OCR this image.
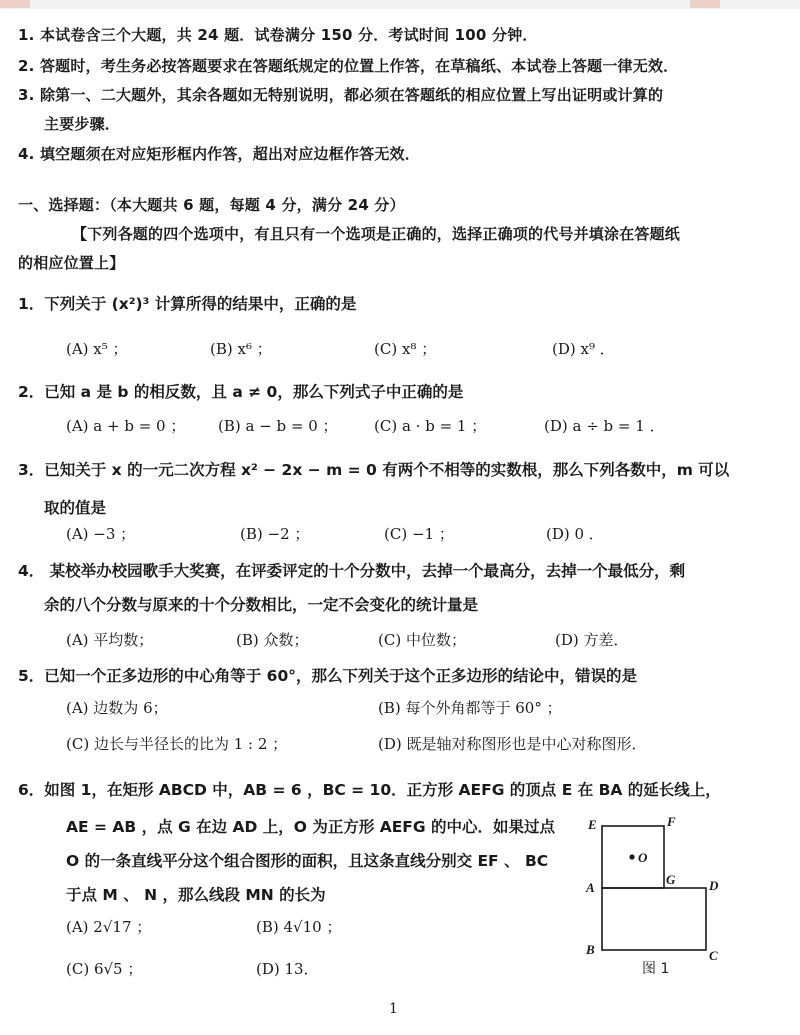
1. 本试卷含三个大题，共 24 题．试卷满分 150 分．考试时间 100 分钟．
2. 答题时，考生务必按答题要求在答题纸规定的位置上作答，在草稿纸、本试卷上答题一律无效．
3. 除第一、二大题外，其余各题如无特别说明，都必须在答题纸的相应位置上写出证明或计算的
主要步骤．
4. 填空题须在对应矩形框内作答，超出对应边框作答无效．
一、选择题：（本大题共 6 题，每题 4 分，满分 24 分）
【下列各题的四个选项中，有且只有一个选项是正确的，选择正确项的代号并填涂在答题纸
的相应位置上】
1．下列关于 (x²)³ 计算所得的结果中，正确的是
(A) x⁵ ；	(B) x⁶ ；	(C) x⁸ ；	(D) x⁹ ．
2．已知 a 是 b 的相反数，且 a ≠ 0，那么下列式子中正确的是
(A) a + b = 0 ； (B) a − b = 0 ； (C) a · b = 1 ；	(D) a ÷ b = 1 ．
3．已知关于 x 的一元二次方程 x² − 2x − m = 0 有两个不相等的实数根，那么下列各数中，m 可以
取的值是
(A) −3 ；	(B) −2 ；	(C) −1 ；	(D) 0 ．
4． 某校举办校园歌手大奖赛，在评委评定的十个分数中，去掉一个最高分，去掉一个最低分，剩
余的八个分数与原来的十个分数相比，一定不会变化的统计量是
(A) 平均数；	(B) 众数；	(C) 中位数；	(D) 方差．
5．已知一个正多边形的中心角等于 60°，那么下列关于这个正多边形的结论中，错误的是
(A) 边数为 6；	(B) 每个外角都等于 60° ；
(C) 边长与半径长的比为 1 : 2 ；	(D) 既是轴对称图形也是中心对称图形．
6．如图 1，在矩形 ABCD 中，AB = 6 ，BC = 10．正方形 AEFG 的顶点 E 在 BA 的延长线上，
AE = AB ，点 G 在边 AD 上，O 为正方形 AEFG 的中心．如果过点
O 的一条直线平分这个组合图形的面积，且这条直线分别交 EF 、 BC
于点 M 、 N ，那么线段 MN 的长为
(A) 2√17 ；	(B) 4√10 ；
(C) 6√5 ；	(D) 13．
E	F
O
A
G	D
B	C
图 1
1
